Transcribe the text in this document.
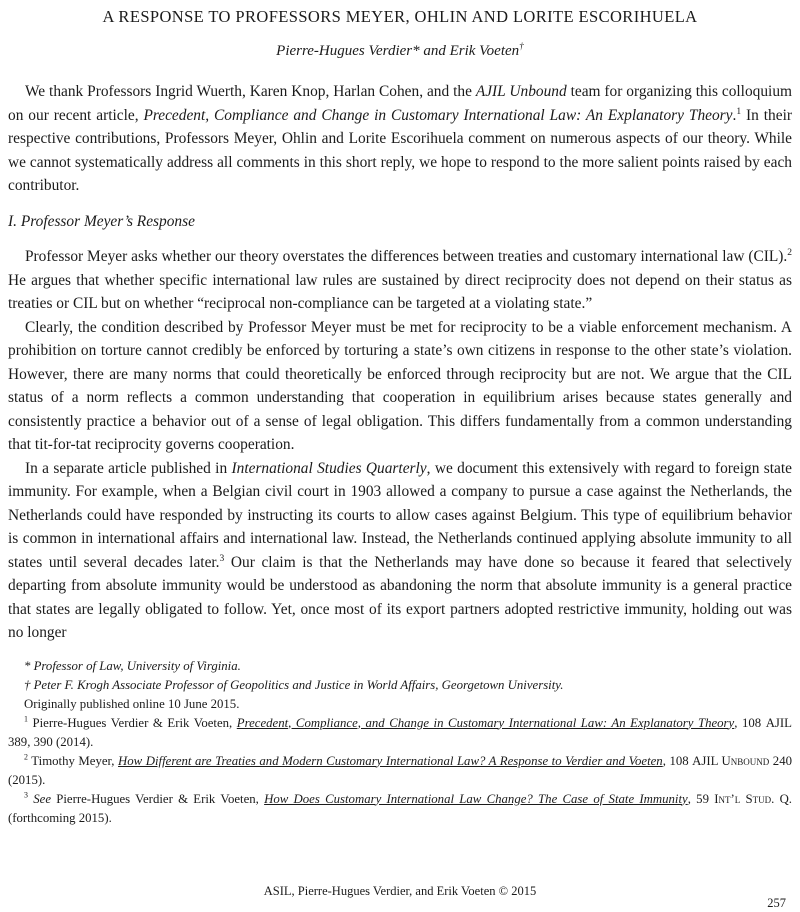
A RESPONSE TO PROFESSORS MEYER, OHLIN AND LORITE ESCORIHUELA
Pierre-Hugues Verdier* and Erik Voeten†

We thank Professors Ingrid Wuerth, Karen Knop, Harlan Cohen, and the AJIL Unbound team for organizing this colloquium on our recent article, Precedent, Compliance and Change in Customary International Law: An Explanatory Theory.$^1$ In their respective contributions, Professors Meyer, Ohlin and Lorite Escorihuela comment on numerous aspects of our theory. While we cannot systematically address all comments in this short reply, we hope to respond to the more salient points raised by each contributor.

I. Professor Meyer’s Response

Professor Meyer asks whether our theory overstates the differences between treaties and customary international law (CIL).$^2$ He argues that whether specific international law rules are sustained by direct reciprocity does not depend on their status as treaties or CIL but on whether “reciprocal non-compliance can be targeted at a violating state.”

Clearly, the condition described by Professor Meyer must be met for reciprocity to be a viable enforcement mechanism. A prohibition on torture cannot credibly be enforced by torturing a state’s own citizens in response to the other state’s violation. However, there are many norms that could theoretically be enforced through reciprocity but are not. We argue that the CIL status of a norm reflects a common understanding that cooperation in equilibrium arises because states generally and consistently practice a behavior out of a sense of legal obligation. This differs fundamentally from a common understanding that tit-for-tat reciprocity governs cooperation.

In a separate article published in International Studies Quarterly, we document this extensively with regard to foreign state immunity. For example, when a Belgian civil court in 1903 allowed a company to pursue a case against the Netherlands, the Netherlands could have responded by instructing its courts to allow cases against Belgium. This type of equilibrium behavior is common in international affairs and international law. Instead, the Netherlands continued applying absolute immunity to all states until several decades later.$^3$ Our claim is that the Netherlands may have done so because it feared that selectively departing from absolute immunity would be understood as abandoning the norm that absolute immunity is a general practice that states are legally obligated to follow. Yet, once most of its export partners adopted restrictive immunity, holding out was no longer

* Professor of Law, University of Virginia.

† Peter F. Krogh Associate Professor of Geopolitics and Justice in World Affairs, Georgetown University.

Originally published online 10 June 2015.

$^1$ Pierre-Hugues Verdier & Erik Voeten, Precedent, Compliance, and Change in Customary International Law: An Explanatory Theory, 108 AJIL 389, 390 (2014).

$^2$ Timothy Meyer, How Different are Treaties and Modern Customary International Law? A Response to Verdier and Voeten, 108 AJIL Unbound 240 (2015).

$^3$ See Pierre-Hugues Verdier & Erik Voeten, How Does Customary International Law Change? The Case of State Immunity, 59 Int’l Stud. Q. (forthcoming 2015).

ASIL, Pierre-Hugues Verdier, and Erik Voeten © 2015
257
